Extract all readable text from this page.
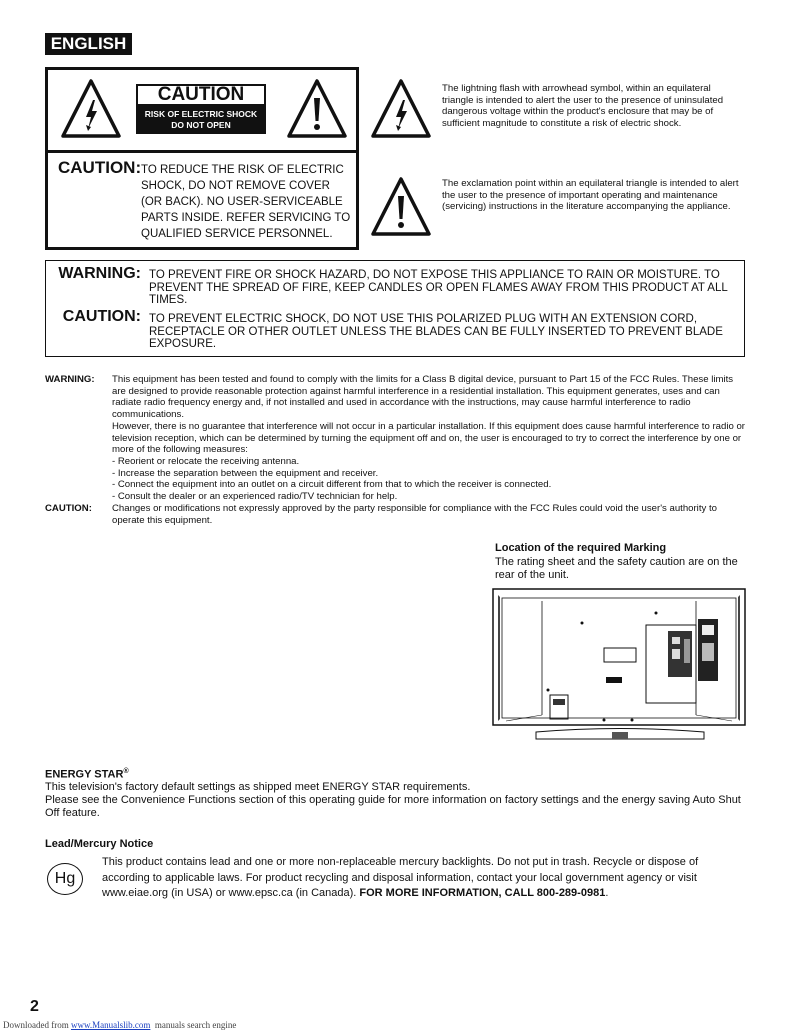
ENGLISH
CAUTION
RISK OF ELECTRIC SHOCK
DO NOT OPEN
CAUTION: TO REDUCE THE RISK OF ELECTRIC SHOCK, DO NOT REMOVE COVER (OR BACK). NO USER-SERVICEABLE PARTS INSIDE. REFER SERVICING TO QUALIFIED SERVICE PERSONNEL.
The lightning flash with arrowhead symbol, within an equilateral triangle is intended to alert the user to the presence of uninsulated dangerous voltage within the product's enclosure that may be of sufficient magnitude to constitute a risk of electric shock.
The exclamation point within an equilateral triangle is intended to alert the user to the presence of important operating and maintenance (servicing) instructions in the literature accompanying the appliance.
WARNING: TO PREVENT FIRE OR SHOCK HAZARD, DO NOT EXPOSE THIS APPLIANCE TO RAIN OR MOISTURE. TO PREVENT THE SPREAD OF FIRE, KEEP CANDLES OR OPEN FLAMES AWAY FROM THIS PRODUCT AT ALL TIMES.
CAUTION: TO PREVENT ELECTRIC SHOCK, DO NOT USE THIS POLARIZED PLUG WITH AN EXTENSION CORD, RECEPTACLE OR OTHER OUTLET UNLESS THE BLADES CAN BE FULLY INSERTED TO PREVENT BLADE EXPOSURE.
WARNING: This equipment has been tested and found to comply with the limits for a Class B digital device, pursuant to Part 15 of the FCC Rules. These limits are designed to provide reasonable protection against harmful interference in a residential installation. This equipment generates, uses and can radiate radio frequency energy and, if not installed and used in accordance with the instructions, may cause harmful interference to radio communications.
However, there is no guarantee that interference will not occur in a particular installation. If this equipment does cause harmful interference to radio or television reception, which can be determined by turning the equipment off and on, the user is encouraged to try to correct the interference by one or more of the following measures:
- Reorient or relocate the receiving antenna.
- Increase the separation between the equipment and receiver.
- Connect the equipment into an outlet on a circuit different from that to which the receiver is connected.
- Consult the dealer or an experienced radio/TV technician for help.
CAUTION: Changes or modifications not expressly approved by the party responsible for compliance with the FCC Rules could void the user's authority to operate this equipment.
Location of the required Marking
The rating sheet and the safety caution are on the rear of the unit.
ENERGY STAR®
This television's factory default settings as shipped meet ENERGY STAR requirements.
Please see the Convenience Functions section of this operating guide for more information on factory settings and the energy saving Auto Shut Off feature.
Lead/Mercury Notice
Hg
This product contains lead and one or more non-replaceable mercury backlights. Do not put in trash. Recycle or dispose of according to applicable laws. For product recycling and disposal information, contact your local government agency or visit www.eiae.org (in USA) or www.epsc.ca (in Canada). FOR MORE INFORMATION, CALL 800-289-0981.
2
Downloaded from www.Manualslib.com manuals search engine
